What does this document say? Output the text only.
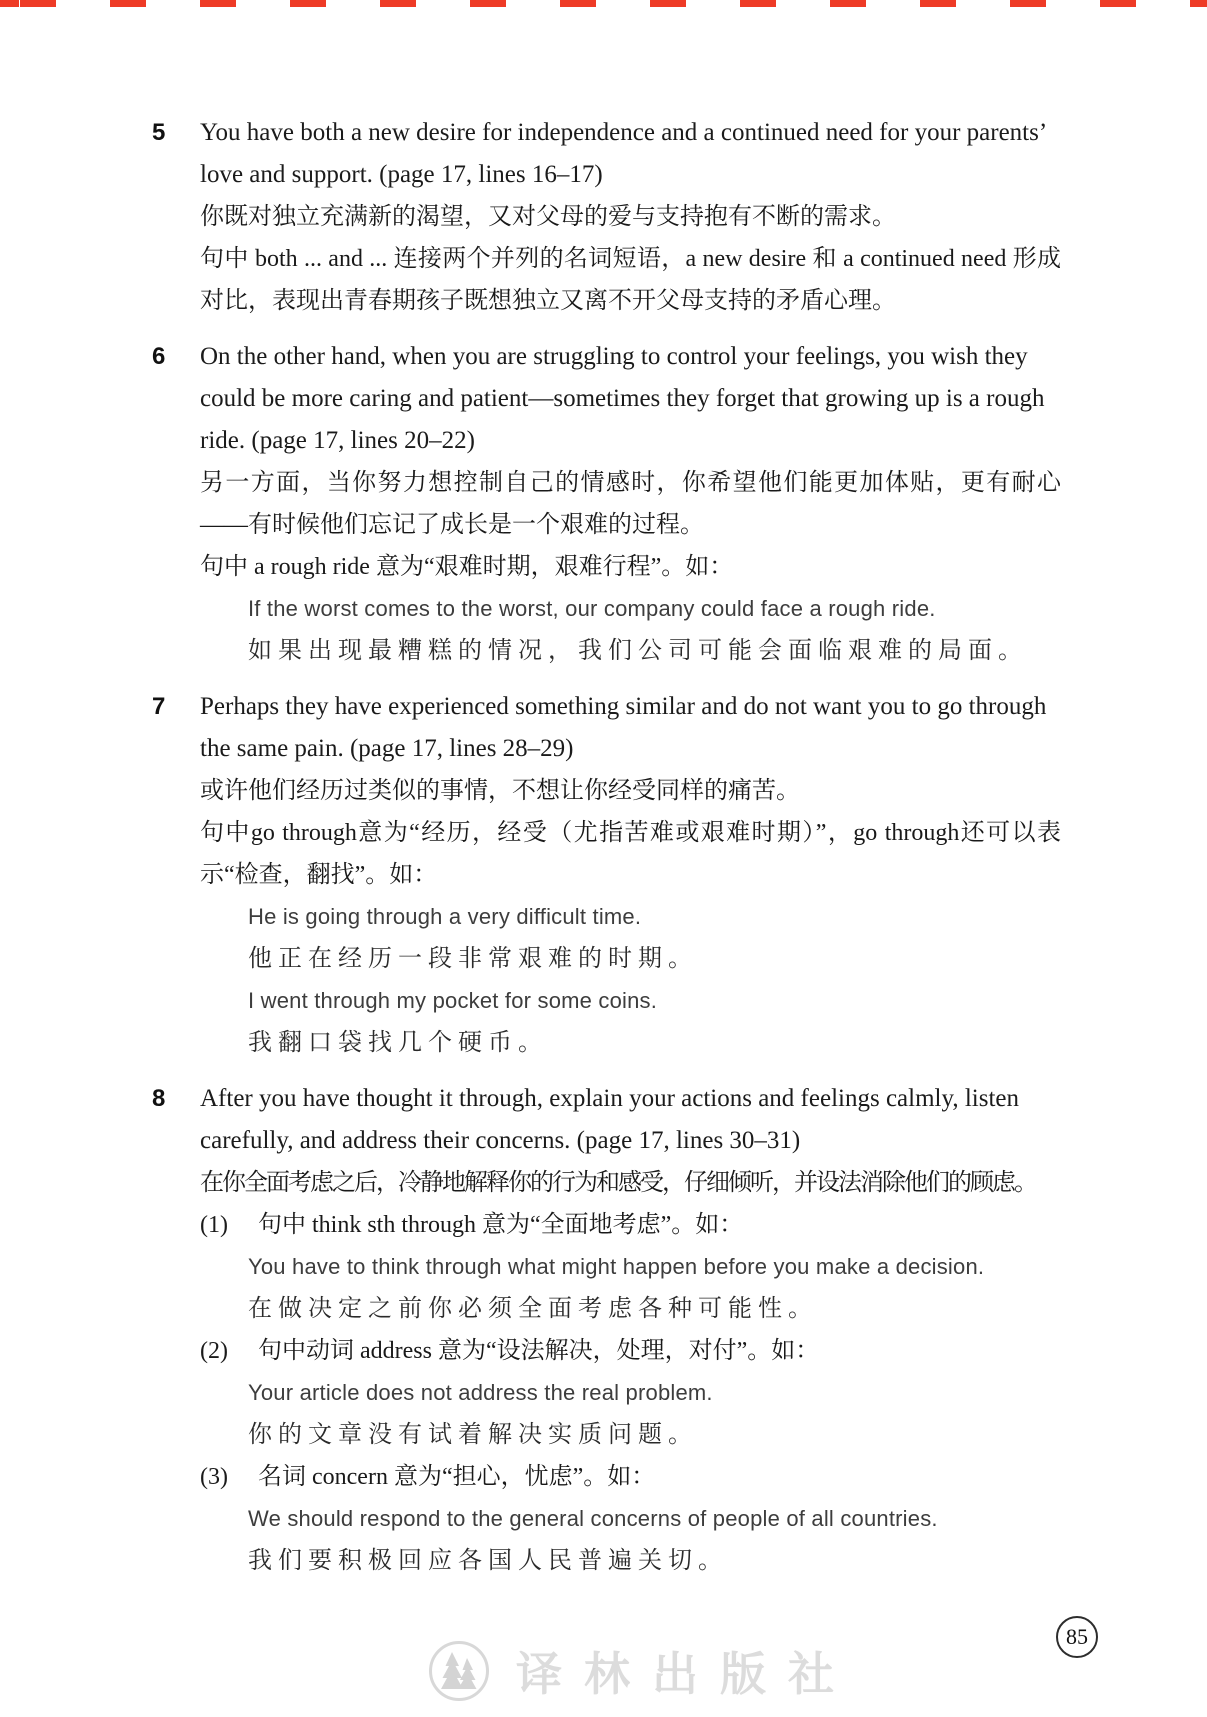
5	You have both a new desire for independence and a continued need for your parents’ love and support. (page 17, lines 16–17)

你既对独立充满新的渴望，又对父母的爱与支持抱有不断的需求。

句中 both ... and ... 连接两个并列的名词短语，a new desire 和 a continued need 形成对比，表现出青春期孩子既想独立又离不开父母支持的矛盾心理。

6	On the other hand, when you are struggling to control your feelings, you wish they could be more caring and patient—sometimes they forget that growing up is a rough ride. (page 17, lines 20–22)

另一方面，当你努力想控制自己的情感时，你希望他们能更加体贴，更有耐心——有时候他们忘记了成长是一个艰难的过程。

句中 a rough ride 意为“艰难时期，艰难行程”。如：

If the worst comes to the worst, our company could face a rough ride.

如果出现最糟糕的情况，我们公司可能会面临艰难的局面。

7	Perhaps they have experienced something similar and do not want you to go through the same pain. (page 17, lines 28–29)

或许他们经历过类似的事情，不想让你经受同样的痛苦。

句中go through意为“经历，经受（尤指苦难或艰难时期）”，go through还可以表示“检查，翻找”。如：

He is going through a very difficult time.

他正在经历一段非常艰难的时期。

I went through my pocket for some coins.

我翻口袋找几个硬币。

8	After you have thought it through, explain your actions and feelings calmly, listen carefully, and address their concerns. (page 17, lines 30–31)

在你全面考虑之后，冷静地解释你的行为和感受，仔细倾听，并设法消除他们的顾虑。

(1)	句中 think sth through 意为“全面地考虑”。如：

You have to think through what might happen before you make a decision.

在做决定之前你必须全面考虑各种可能性。

(2)	句中动词 address 意为“设法解决，处理，对付”。如：

Your article does not address the real problem.

你的文章没有试着解决实质问题。

(3)	名词 concern 意为“担心，忧虑”。如：

We should respond to the general concerns of people of all countries.

我们要积极回应各国人民普遍关切。

85
译林出版社
